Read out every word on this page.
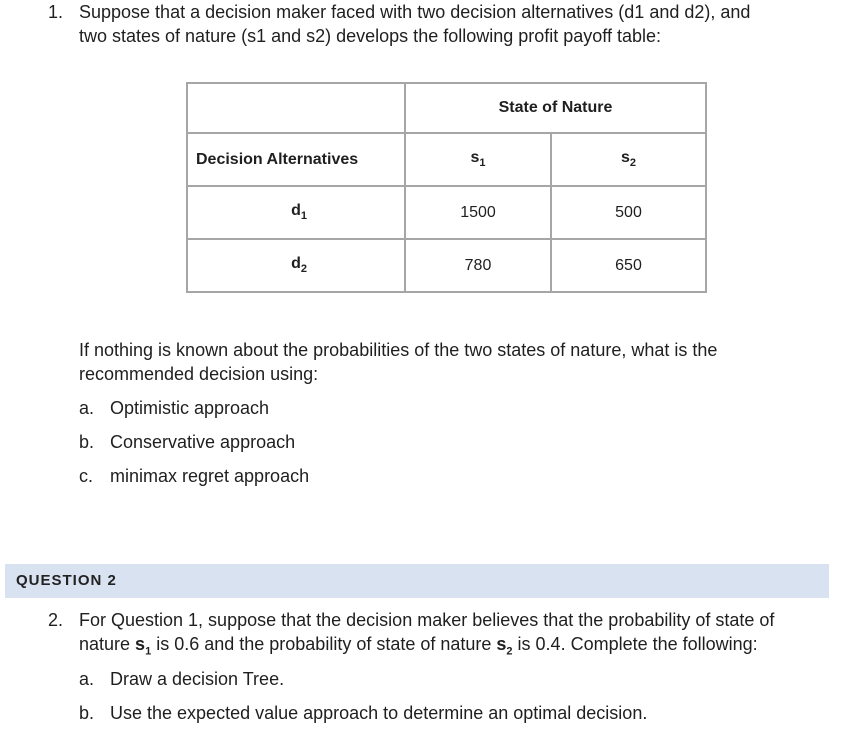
1. Suppose that a decision maker faced with two decision alternatives (d1 and d2), and
two states of nature (s1 and s2) develops the following profit payoff table:
	State of Nature	
Decision Alternatives	$s_1$	$s_2$
$d_1$	1500	500
$d_2$	780	650
If nothing is known about the probabilities of the two states of nature, what is the
recommended decision using:
a. Optimistic approach
b. Conservative approach
c. minimax regret approach
QUESTION 2
2. For Question 1, suppose that the decision maker believes that the probability of state of
nature $s_1$ is 0.6 and the probability of state of nature $s_2$ is 0.4. Complete the following:
a. Draw a decision Tree.
b. Use the expected value approach to determine an optimal decision.
